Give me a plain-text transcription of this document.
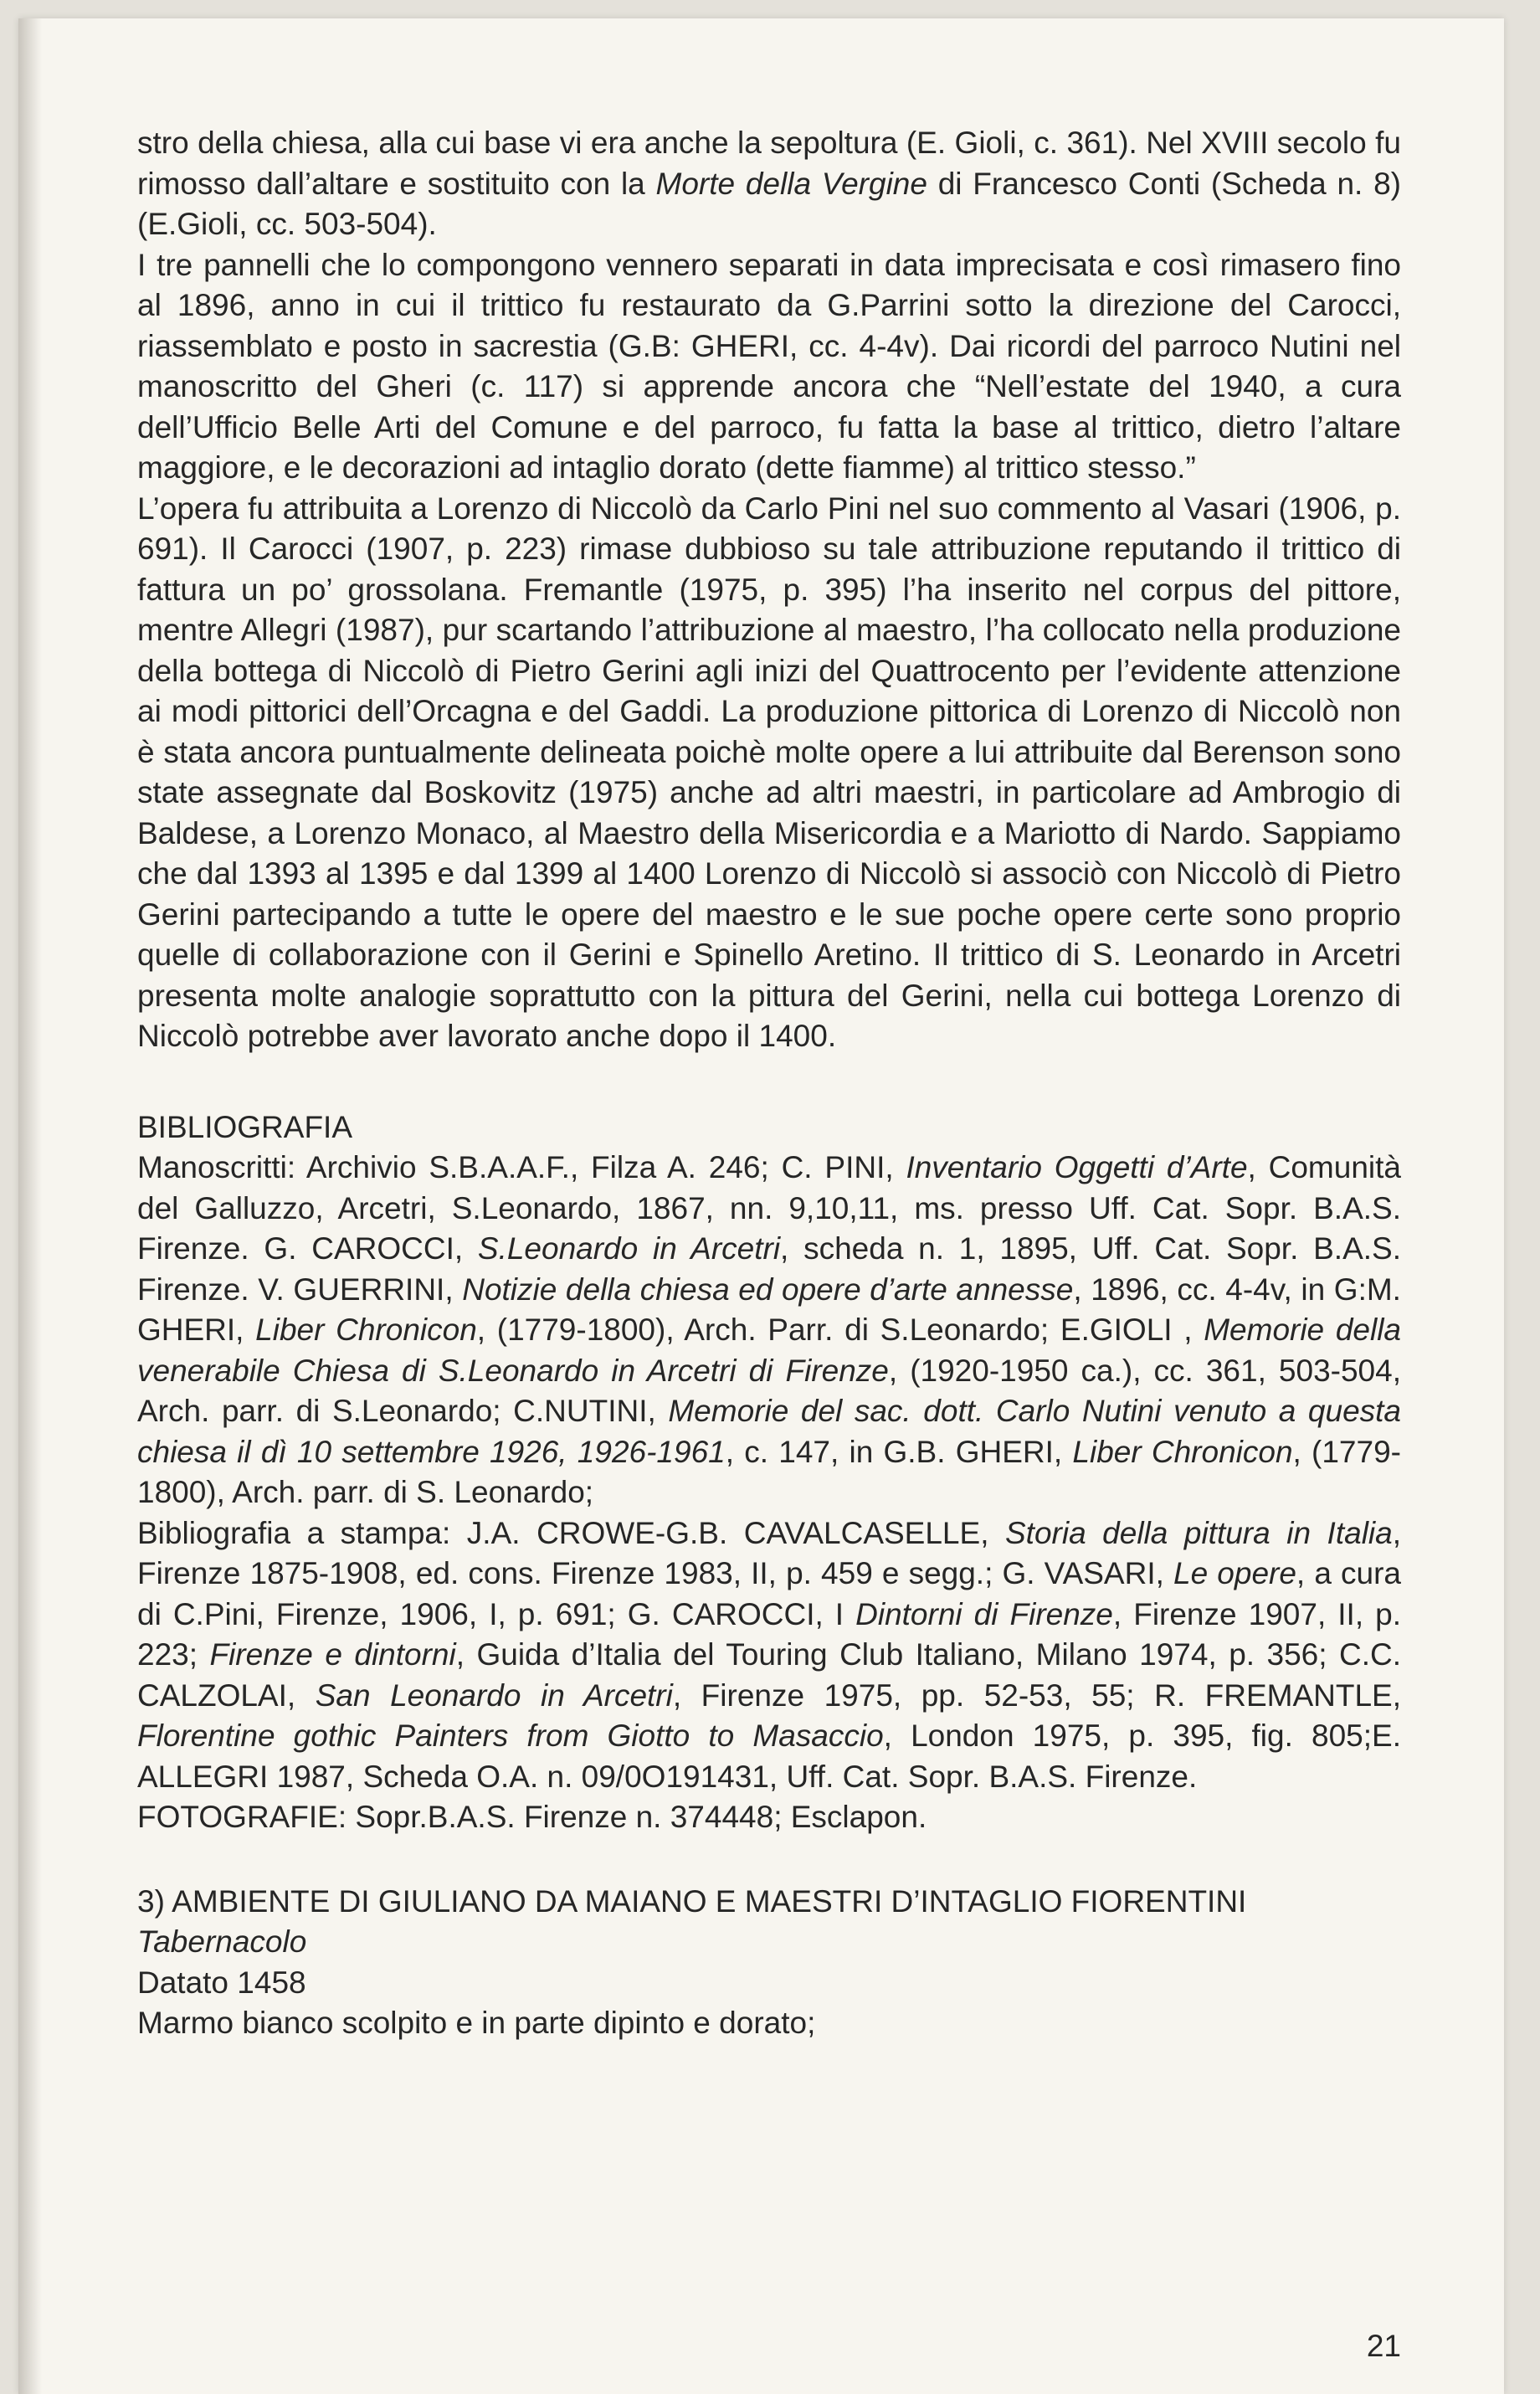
stro della chiesa, alla cui base vi era anche la sepoltura (E. Gioli, c. 361). Nel XVIII secolo fu rimosso dall’altare e sostituito con la Morte della Vergine di Francesco Conti (Scheda n. 8) (E.Gioli, cc. 503-504).

I tre pannelli che lo compongono vennero separati in data imprecisata e così rimasero fino al 1896, anno in cui il trittico fu restaurato da G.Parrini sotto la direzione del Carocci, riassemblato e posto in sacrestia (G.B: GHERI, cc. 4-4v). Dai ricordi del parroco Nutini nel manoscritto del Gheri (c. 117) si apprende ancora che “Nell’estate del 1940, a cura dell’Ufficio Belle Arti del Comune e del parroco, fu fatta la base al trittico, dietro l’altare maggiore, e le decorazioni ad intaglio dorato (dette fiamme) al trittico stesso.”

L’opera fu attribuita a Lorenzo di Niccolò da Carlo Pini nel suo commento al Vasari (1906, p. 691). Il Carocci (1907, p. 223) rimase dubbioso su tale attribuzione reputando il trittico di fattura un po’ grossolana. Fremantle (1975, p. 395) l’ha inserito nel corpus del pittore, mentre Allegri (1987), pur scartando l’attribuzione al maestro, l’ha collocato nella produzione della bottega di Niccolò di Pietro Gerini agli inizi del Quattrocento per l’evidente attenzione ai modi pittorici dell’Orcagna e del Gaddi. La produzione pittorica di Lorenzo di Niccolò non è stata ancora puntualmente delineata poichè molte opere a lui attribuite dal Berenson sono state assegnate dal Boskovitz (1975) anche ad altri maestri, in particolare ad Ambrogio di Baldese, a Lorenzo Monaco, al Maestro della Misericordia e a Mariotto di Nardo. Sappiamo che dal 1393 al 1395 e dal 1399 al 1400 Lorenzo di Niccolò si associò con Niccolò di Pietro Gerini partecipando a tutte le opere del maestro e le sue poche opere certe sono proprio quelle di collaborazione con il Gerini e Spinello Aretino. Il trittico di S. Leonardo in Arcetri presenta molte analogie soprattutto con la pittura del Gerini, nella cui bottega Lorenzo di Niccolò potrebbe aver lavorato anche dopo il 1400.

BIBLIOGRAFIA

Manoscritti: Archivio S.B.A.A.F., Filza A. 246; C. PINI, Inventario Oggetti d’Arte, Comunità del Galluzzo, Arcetri, S.Leonardo, 1867, nn. 9,10,11, ms. presso Uff. Cat. Sopr. B.A.S. Firenze. G. CAROCCI, S.Leonardo in Arcetri, scheda n. 1, 1895, Uff. Cat. Sopr. B.A.S. Firenze. V. GUERRINI, Notizie della chiesa ed opere d’arte annesse, 1896, cc. 4-4v, in G:M. GHERI, Liber Chronicon, (1779-1800), Arch. Parr. di S.Leonardo; E.GIOLI , Memorie della venerabile Chiesa di S.Leonardo in Arcetri di Firenze, (1920-1950 ca.), cc. 361, 503-504, Arch. parr. di S.Leonardo; C.NUTINI, Memorie del sac. dott. Carlo Nutini venuto a questa chiesa il dì 10 settembre 1926, 1926-1961, c. 147, in G.B. GHERI, Liber Chronicon, (1779-1800), Arch. parr. di S. Leonardo;

Bibliografia a stampa: J.A. CROWE-G.B. CAVALCASELLE, Storia della pittura in Italia, Firenze 1875-1908, ed. cons. Firenze 1983, II, p. 459 e segg.; G. VASARI, Le opere, a cura di C.Pini, Firenze, 1906, I, p. 691; G. CAROCCI, I Dintorni di Firenze, Firenze 1907, II, p. 223; Firenze e dintorni, Guida d’Italia del Touring Club Italiano, Milano 1974, p. 356; C.C. CALZOLAI, San Leonardo in Arcetri, Firenze 1975, pp. 52-53, 55; R. FREMANTLE, Florentine gothic Painters from Giotto to Masaccio, London 1975, p. 395, fig. 805;E. ALLEGRI 1987, Scheda O.A. n. 09/0O191431, Uff. Cat. Sopr. B.A.S. Firenze.

FOTOGRAFIE: Sopr.B.A.S. Firenze n. 374448; Esclapon.

3) AMBIENTE DI GIULIANO DA MAIANO E MAESTRI D’INTAGLIO FIORENTINI

Tabernacolo

Datato 1458

Marmo bianco scolpito e in parte dipinto e dorato;

21
